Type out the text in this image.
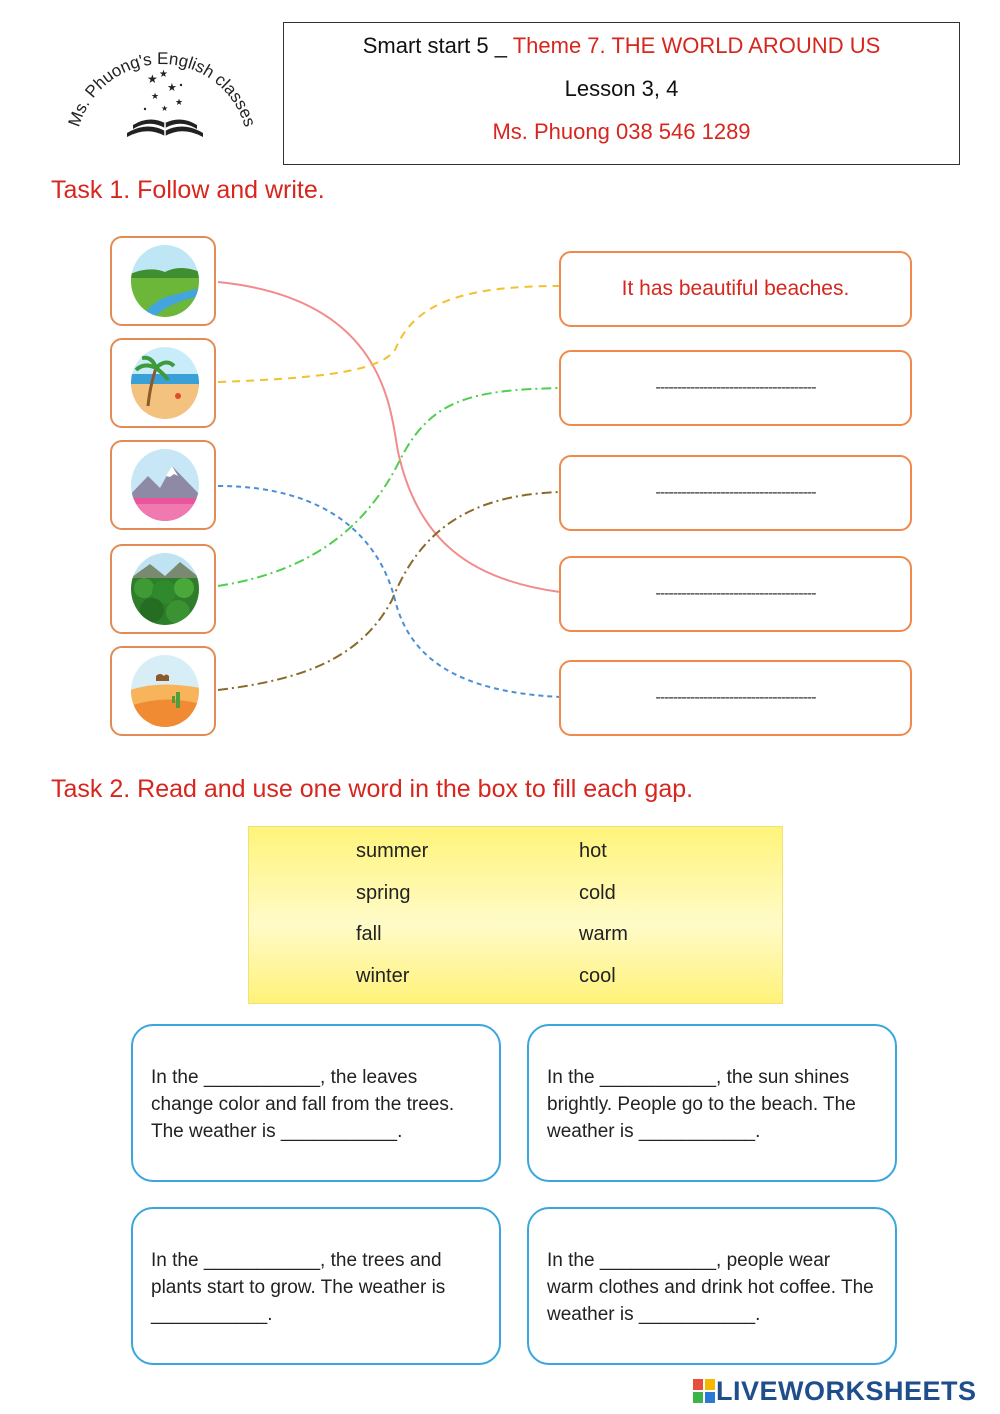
Ms. Phuong's English classes
★ ★
★
★
★
★
Smart start 5 _ Theme 7. THE WORLD AROUND US
Lesson 3, 4
Ms. Phuong 038 546 1289
Task 1. Follow and write.
It has beautiful beaches.
-------------------------------------
-------------------------------------
-------------------------------------
-------------------------------------
Task 2. Read and use one word in the box to fill each gap.
summer
spring
fall
winter
hot
cold
warm
cool
In the ___________, the leaves change color and fall from the trees. The weather is ___________.
In the ___________, the sun shines brightly. People go to the beach. The weather is ___________.
In the ___________, the trees and plants start to grow. The weather is ___________.
In the ___________, people wear warm clothes and drink hot coffee. The weather is ___________.
LIVEWORKSHEETS
